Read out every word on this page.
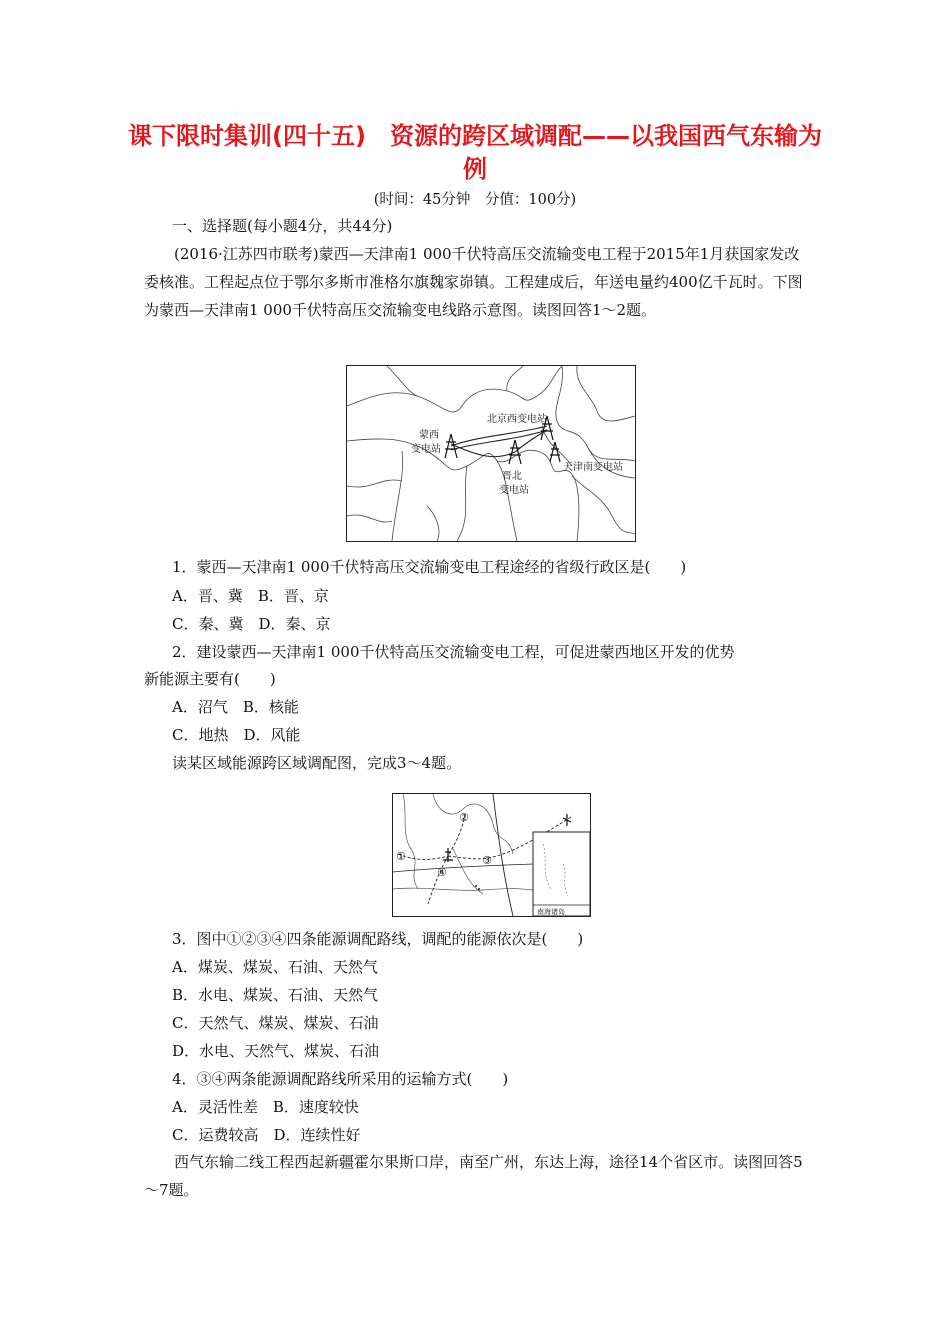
课下限时集训(四十五)　资源的跨区域调配——以我国西气东输为
例
(时间：45分钟　分值：100分)
一、选择题(每小题4分，共44分)
(2016·江苏四市联考)蒙西—天津南1 000千伏特高压交流输变电工程于2015年1月获国家发改委核准。工程起点位于鄂尔多斯市准格尔旗魏家峁镇。工程建成后，年送电量约400亿千瓦时。下图为蒙西—天津南1 000千伏特高压交流输变电线路示意图。读图回答1～2题。
蒙西
变电站
晋北
变电站
北京西变电站
天津南变电站
1．蒙西—天津南1 000千伏特高压交流输变电工程途经的省级行政区是(　　)
A．晋、冀　B．晋、京
C．秦、冀　D．秦、京
2．建设蒙西—天津南1 000千伏特高压交流输变电工程，可促进蒙西地区开发的优势
新能源主要有(　　)
A．沼气　B．核能
C．地热　D．风能
读某区域能源跨区域调配图，完成3～4题。
南海诸岛
①
②
③
④
3．图中①②③④四条能源调配路线，调配的能源依次是(　　)
A．煤炭、煤炭、石油、天然气
B．水电、煤炭、石油、天然气
C．天然气、煤炭、煤炭、石油
D．水电、天然气、煤炭、石油
4．③④两条能源调配路线所采用的运输方式(　　)
A．灵活性差　B．速度较快
C．运费较高　D．连续性好
西气东输二线工程西起新疆霍尔果斯口岸，南至广州，东达上海，途径14个省区市。读图回答5～7题。
